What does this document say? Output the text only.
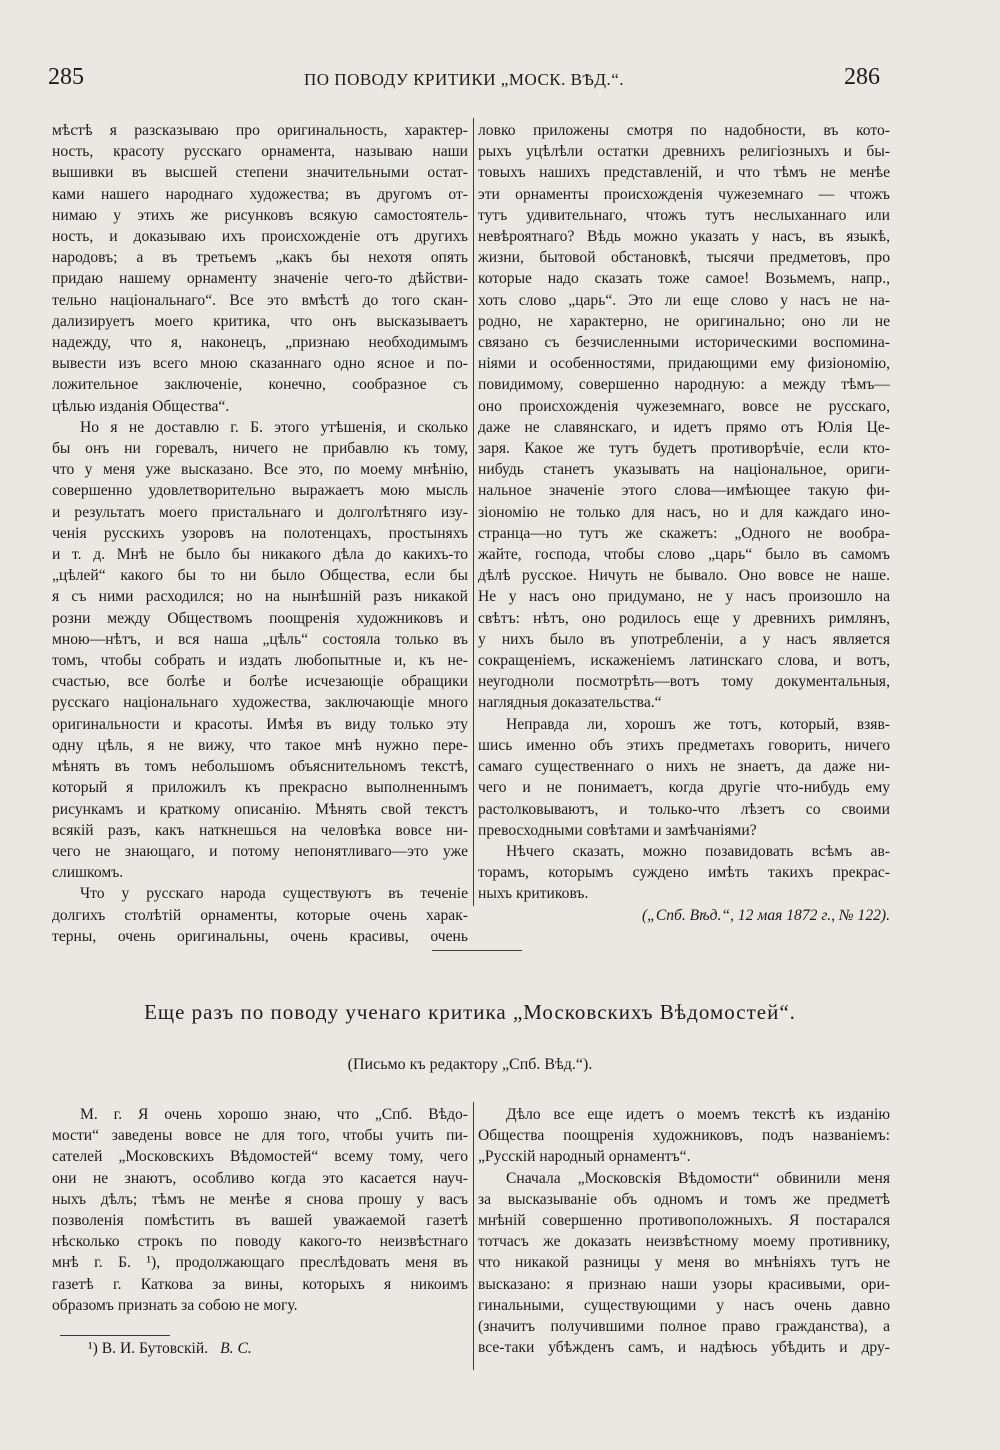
285	ПО ПОВОДУ КРИТИКИ „МОСК. ВѢД.“.	286
мѣстѣ я разсказываю про оригинальность, характер-
ность, красоту русскаго орнамента, называю наши
вышивки въ высшей степени значительными остат-
ками нашего народнаго художества; въ другомъ от-
нимаю у этихъ же рисунковъ всякую самостоятель-
ность, и доказываю ихъ происхожденіе отъ другихъ
народовъ; а въ третьемъ „какъ бы нехотя опять
придаю нашему орнаменту значеніе чего-то дѣйстви-
тельно національнаго“. Все это вмѣстѣ до того скан-
дализируетъ моего критика, что онъ высказываетъ
надежду, что я, наконецъ, „признаю необходимымъ
вывести изъ всего мною сказаннаго одно ясное и по-
ложительное заключеніе, конечно, сообразное съ
цѣлью изданія Общества“.
Но я не доставлю г. Б. этого утѣшенія, и сколько
бы онъ ни горевалъ, ничего не прибавлю къ тому,
что у меня уже высказано. Все это, по моему мнѣнію,
совершенно удовлетворительно выражаетъ мою мысль
и результатъ моего пристальнаго и долголѣтняго изу-
ченія русскихъ узоровъ на полотенцахъ, простыняхъ
и т. д. Мнѣ не было бы никакого дѣла до какихъ-то
„цѣлей“ какого бы то ни было Общества, если бы
я съ ними расходился; но на нынѣшній разъ никакой
розни между Обществомъ поощренія художниковъ и
мною—нѣтъ, и вся наша „цѣль“ состояла только въ
томъ, чтобы собрать и издать любопытные и, къ не-
счастью, все болѣе и болѣе исчезающіе обращики
русскаго національнаго художества, заключающіе много
оригинальности и красоты. Имѣя въ виду только эту
одну цѣль, я не вижу, что такое мнѣ нужно пере-
мѣнять въ томъ небольшомъ объяснительномъ текстѣ,
который я приложилъ къ прекрасно выполненнымъ
рисункамъ и краткому описанію. Мѣнять свой текстъ
всякій разъ, какъ наткнешься на человѣка вовсе ни-
чего не знающаго, и потому непонятливаго—это уже
слишкомъ.
Что у русскаго народа существуютъ въ теченіе
долгихъ столѣтій орнаменты, которые очень харак-
терны, очень оригинальны, очень красивы, очень
ловко приложены смотря по надобности, въ кото-
рыхъ уцѣлѣли остатки древнихъ религіозныхъ и бы-
товыхъ нашихъ представленій, и что тѣмъ не менѣе
эти орнаменты происхожденія чужеземнаго — чтожъ
тутъ удивительнаго, чтожъ тутъ неслыханнаго или
невѣроятнаго? Вѣдь можно указать у насъ, въ языкѣ,
жизни, бытовой обстановкѣ, тысячи предметовъ, про
которые надо сказать тоже самое! Возьмемъ, напр.,
хоть слово „царь“. Это ли еще слово у насъ не на-
родно, не характерно, не оригинально; оно ли не
связано съ безчисленными историческими воспомина-
ніями и особенностями, придающими ему физіономію,
повидимому, совершенно народную: а между тѣмъ—
оно происхожденія чужеземнаго, вовсе не русскаго,
даже не славянскаго, и идетъ прямо отъ Юлія Це-
заря. Какое же тутъ будетъ противорѣчіе, если кто-
нибудь станетъ указывать на національное, ориги-
нальное значеніе этого слова—имѣющее такую фи-
зіономію не только для насъ, но и для каждаго ино-
странца—но тутъ же скажетъ: „Одного не вообра-
жайте, господа, чтобы слово „царь“ было въ самомъ
дѣлѣ русское. Ничуть не бывало. Оно вовсе не наше.
Не у насъ оно придумано, не у насъ произошло на
свѣтъ: нѣтъ, оно родилось еще у древнихъ римлянъ,
у нихъ было въ употребленіи, а у насъ является
сокращеніемъ, искаженіемъ латинскаго слова, и вотъ,
неугодноли посмотрѣть—вотъ тому документальныя,
наглядныя доказательства.“
Неправда ли, хорошъ же тотъ, который, взяв-
шись именно объ этихъ предметахъ говорить, ничего
самаго существеннаго о нихъ не знаетъ, да даже ни-
чего и не понимаетъ, когда другіе что-нибудь ему
растолковываютъ, и только-что лѣзетъ со своими
превосходными совѣтами и замѣчаніями?
Нѣчего сказать, можно позавидовать всѣмъ ав-
торамъ, которымъ суждено имѣть такихъ прекрас-
ныхъ критиковъ.
(„Спб. Вѣд.“, 12 мая 1872 г., № 122).
Еще разъ по поводу ученаго критика „Московскихъ Вѣдомостей“.
(Письмо къ редактору „Спб. Вѣд.“).
М. г. Я очень хорошо знаю, что „Спб. Вѣдо-
мости“ заведены вовсе не для того, чтобы учить пи-
сателей „Московскихъ Вѣдомостей“ всему тому, чего
они не знаютъ, особливо когда это касается науч-
ныхъ дѣлъ; тѣмъ не менѣе я снова прошу у васъ
позволенія помѣстить въ вашей уважаемой газетѣ
нѣсколько строкъ по поводу какого-то неизвѣстнаго
мнѣ г. Б. ¹), продолжающаго преслѣдовать меня въ
газетѣ г. Каткова за вины, которыхъ я никоимъ
образомъ признать за собою не могу.
Дѣло все еще идетъ о моемъ текстѣ къ изданію
Общества поощренія художниковъ, подъ названіемъ:
„Русскій народный орнаментъ“.
Сначала „Московскія Вѣдомости“ обвинили меня
за высказываніе объ одномъ и томъ же предметѣ
мнѣній совершенно противоположныхъ. Я постарался
тотчасъ же доказать неизвѣстному моему противнику,
что никакой разницы у меня во мнѣніяхъ тутъ не
высказано: я признаю наши узоры красивыми, ори-
гинальными, существующими у насъ очень давно
(значитъ получившими полное право гражданства), а
все-таки убѣжденъ самъ, и надѣюсь убѣдить и дру-
¹) В. И. Бутовскій. В. С.
